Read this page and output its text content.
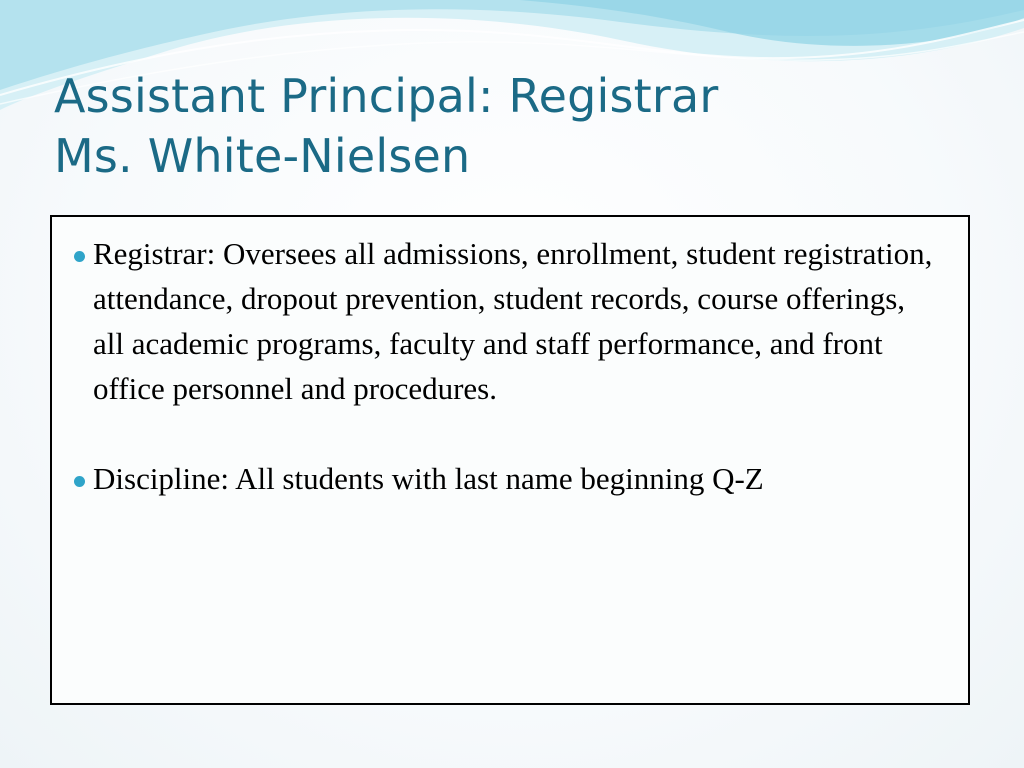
Assistant Principal: Registrar
Ms. White-Nielsen
Registrar: Oversees all admissions, enrollment, student registration, attendance, dropout prevention, student records, course offerings, all academic programs, faculty and staff performance, and front office personnel and procedures.
Discipline: All students with last name beginning Q-Z
